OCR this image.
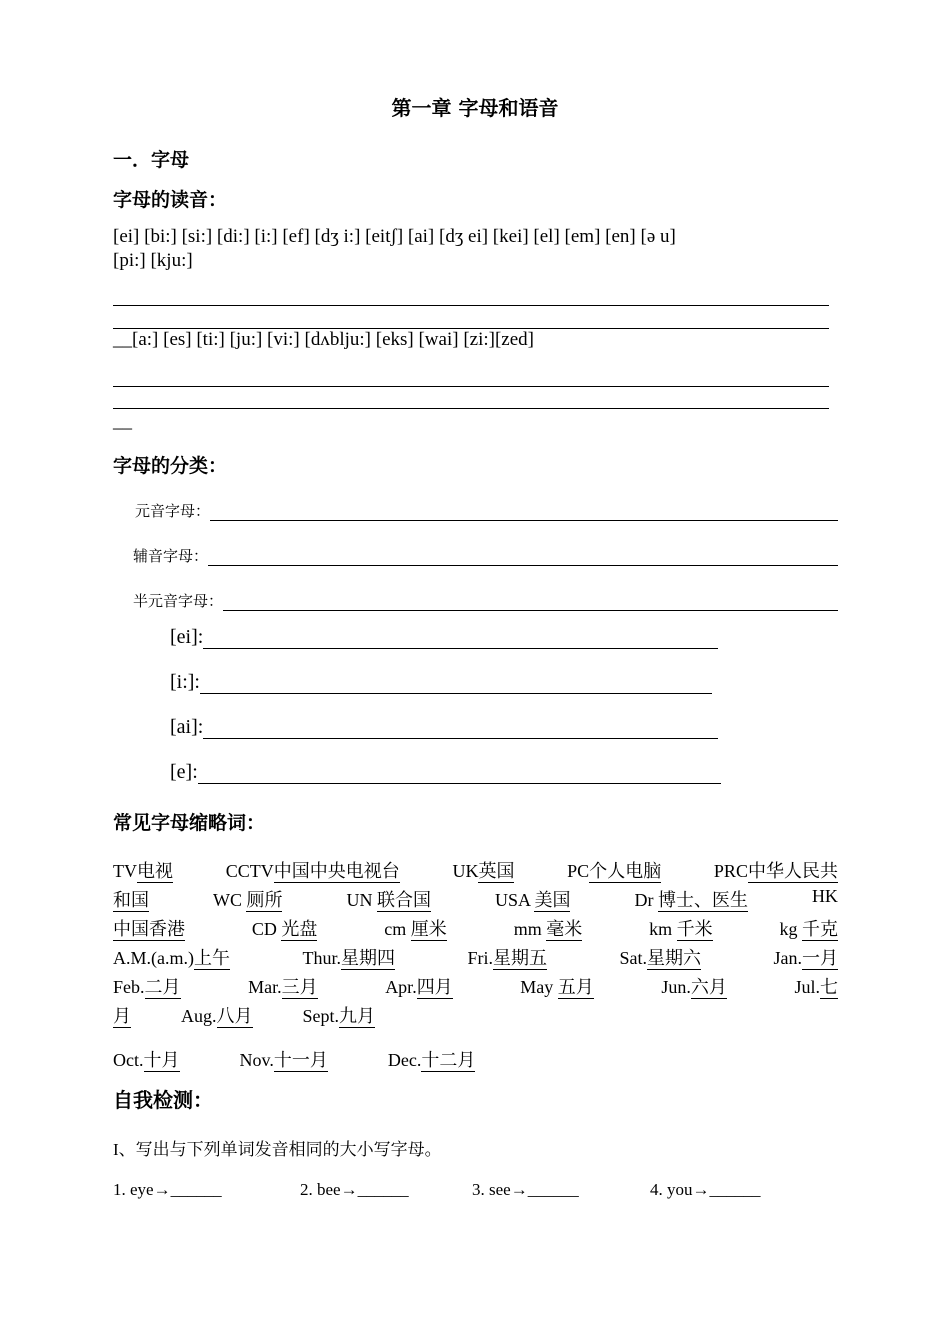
第一章 字母和语音
一．字母
字母的读音：
[ei] [bi:] [si:] [di:] [i:] [ef] [dʒ i:] [eitʃ] [ai] [dʒ ei] [kei] [el] [em] [en] [ə u]
[pi:] [kju:]
__[a:] [es] [ti:] [ju:] [vi:] [dʌblju:] [eks] [wai] [zi:][zed]
__
字母的分类：
元音字母：
辅音字母：
半元音字母：
[ei]:
[i:]:
[ai]:
[e]:
常见字母缩略词：
TV电视	CCTV中国中央电视台	UK英国	PC个人电脑	PRC中华人民共
和国	WC 厕所	UN 联合国	USA 美国	Dr 博士、医生	HK
中国香港	CD 光盘	cm 厘米	mm 毫米	km 千米	kg 千克
A.M.(a.m.)上午	Thur.星期四	Fri.星期五	Sat.星期六	Jan.一月
Feb.二月	Mar.三月	Apr.四月	May 五月	Jun.六月	Jul.七
月	Aug.八月	Sept.九月
Oct.十月	Nov.十一月	Dec.十二月
自我检测：
I、写出与下列单词发音相同的大小写字母。
1. eye→______	2. bee→______	3. see→______	4. you→______
